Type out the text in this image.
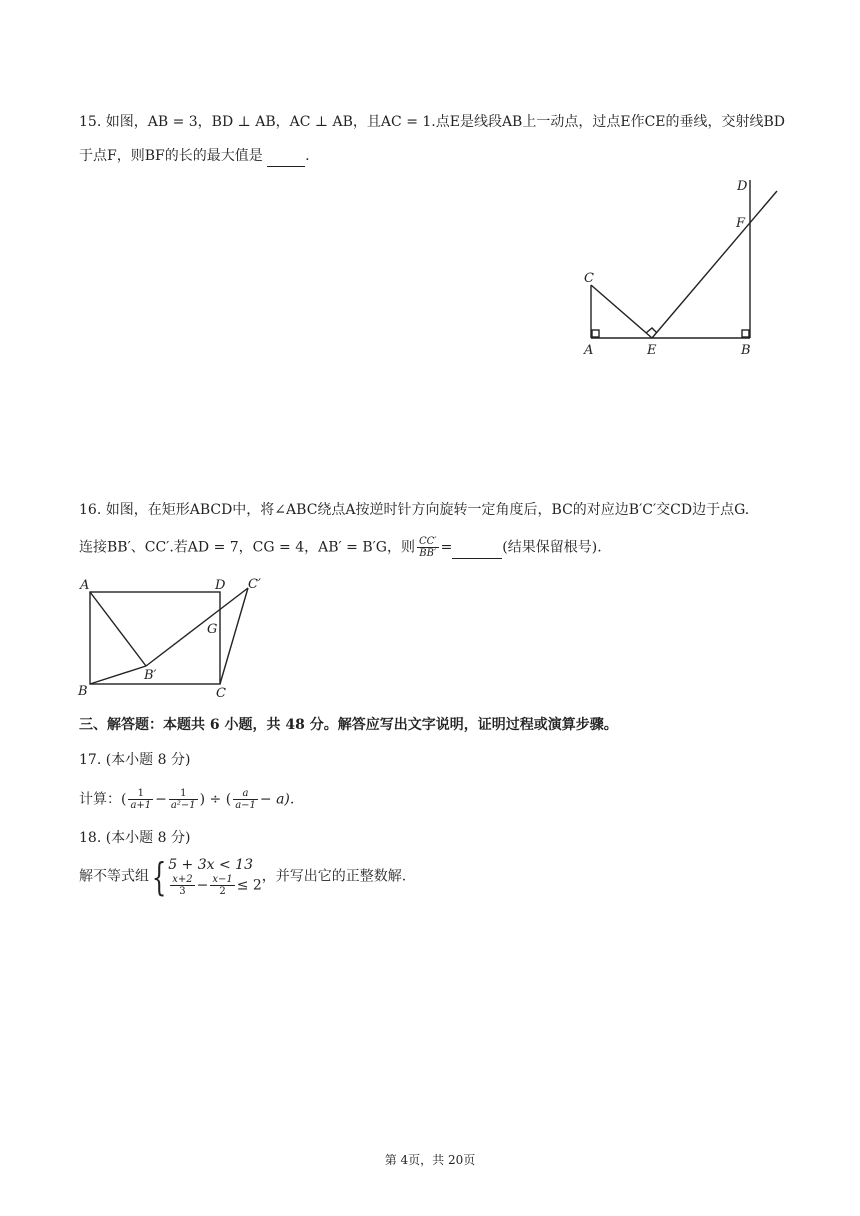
15. 如图，AB = 3，BD ⊥ AB，AC ⊥ AB，且AC = 1.点E是线段AB上一动点，过点E作CE的垂线，交射线BD
于点F，则BF的长的最大值是	.
C
A	E	B
D
F
16. 如图，在矩形ABCD中，将∠ABC绕点A按逆时针方向旋转一定角度后，BC的对应边B′C′交CD边于点G.
连接BB′、CC′.若AD = 7，CG = 4，AB′ = B′G，则 $\frac{CC'}{BB'}$ =	(结果保留根号).
A	D C′
G
B′
B	C
三、解答题：本题共 6 小题，共 48 分。解答应写出文字说明，证明过程或演算步骤。
17. (本小题 8 分)
计算：( $\frac{1}{a+1} - \frac{1}{\text{a²−1}}$ ) ÷ ( $\frac{a}{a-1} - a$).
18. (本小题 8 分)
解不等式组{ 5 + 3x < 13
$\frac{x+2}{3} - \frac{x-1}{2} \le 2$
，并写出它的正整数解.
第 4页，共 20页
